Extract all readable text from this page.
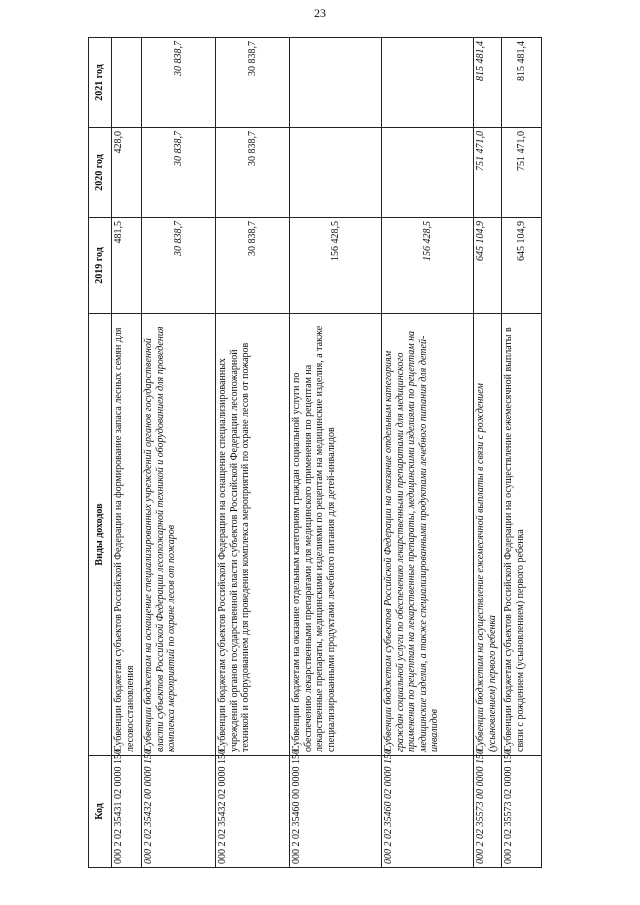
23
Код	Виды доходов	2019 год	2020 год	2021 год
000 2 02 35431 02 0000 150	Субвенции бюджетам субъектов Российской Федерации на формирование запаса лесных семян для лесовосстановления	481,5	428,0	
000 2 02 35432 00 0000 150	Субвенции бюджетам на оснащение специализированных учреждений органов государственной власти субъектов Российской Федерации лесопожарной техникой и оборудованием для проведения комплекса мероприятий по охране лесов от пожаров	30 838,7	30 838,7	30 838,7
000 2 02 35432 02 0000 150	Субвенции бюджетам субъектов Российской Федерации на оснащение специализированных учреждений органов государственной власти субъектов Российской Федерации лесопожарной техникой и оборудованием для проведения комплекса мероприятий по охране лесов от пожаров	30 838,7	30 838,7	30 838,7
000 2 02 35460 00 0000 150	Субвенции бюджетам на оказание отдельным категориям граждан социальной услуги по обеспечению лекарственными препаратами для медицинского применения по рецептам на лекарственные препараты, медицинскими изделиями по рецептам на медицинские изделия, а также специализированными продуктами лечебного питания для детей-инвалидов	156 428,5		
000 2 02 35460 02 0000 150	Субвенции бюджетам субъектов Российской Федерации на оказание отдельным категориям граждан социальной услуги по обеспечению лекарственными препаратами для медицинского применения по рецептам на лекарственные препараты, медицинскими изделиями по рецептам на медицинские изделия, а также специализированными продуктами лечебного питания для детей-инвалидов	156 428,5		
000 2 02 35573 00 0000 150	Субвенции бюджетам на осуществление ежемесячной выплаты в связи с рождением (усыновлением) первого ребенка	645 104,9	751 471,0	815 481,4
000 2 02 35573 02 0000 150	Субвенции бюджетам субъектов Российской Федерации на осуществление ежемесячной выплаты в связи с рождением (усыновлением) первого ребенка	645 104,9	751 471,0	815 481,4
